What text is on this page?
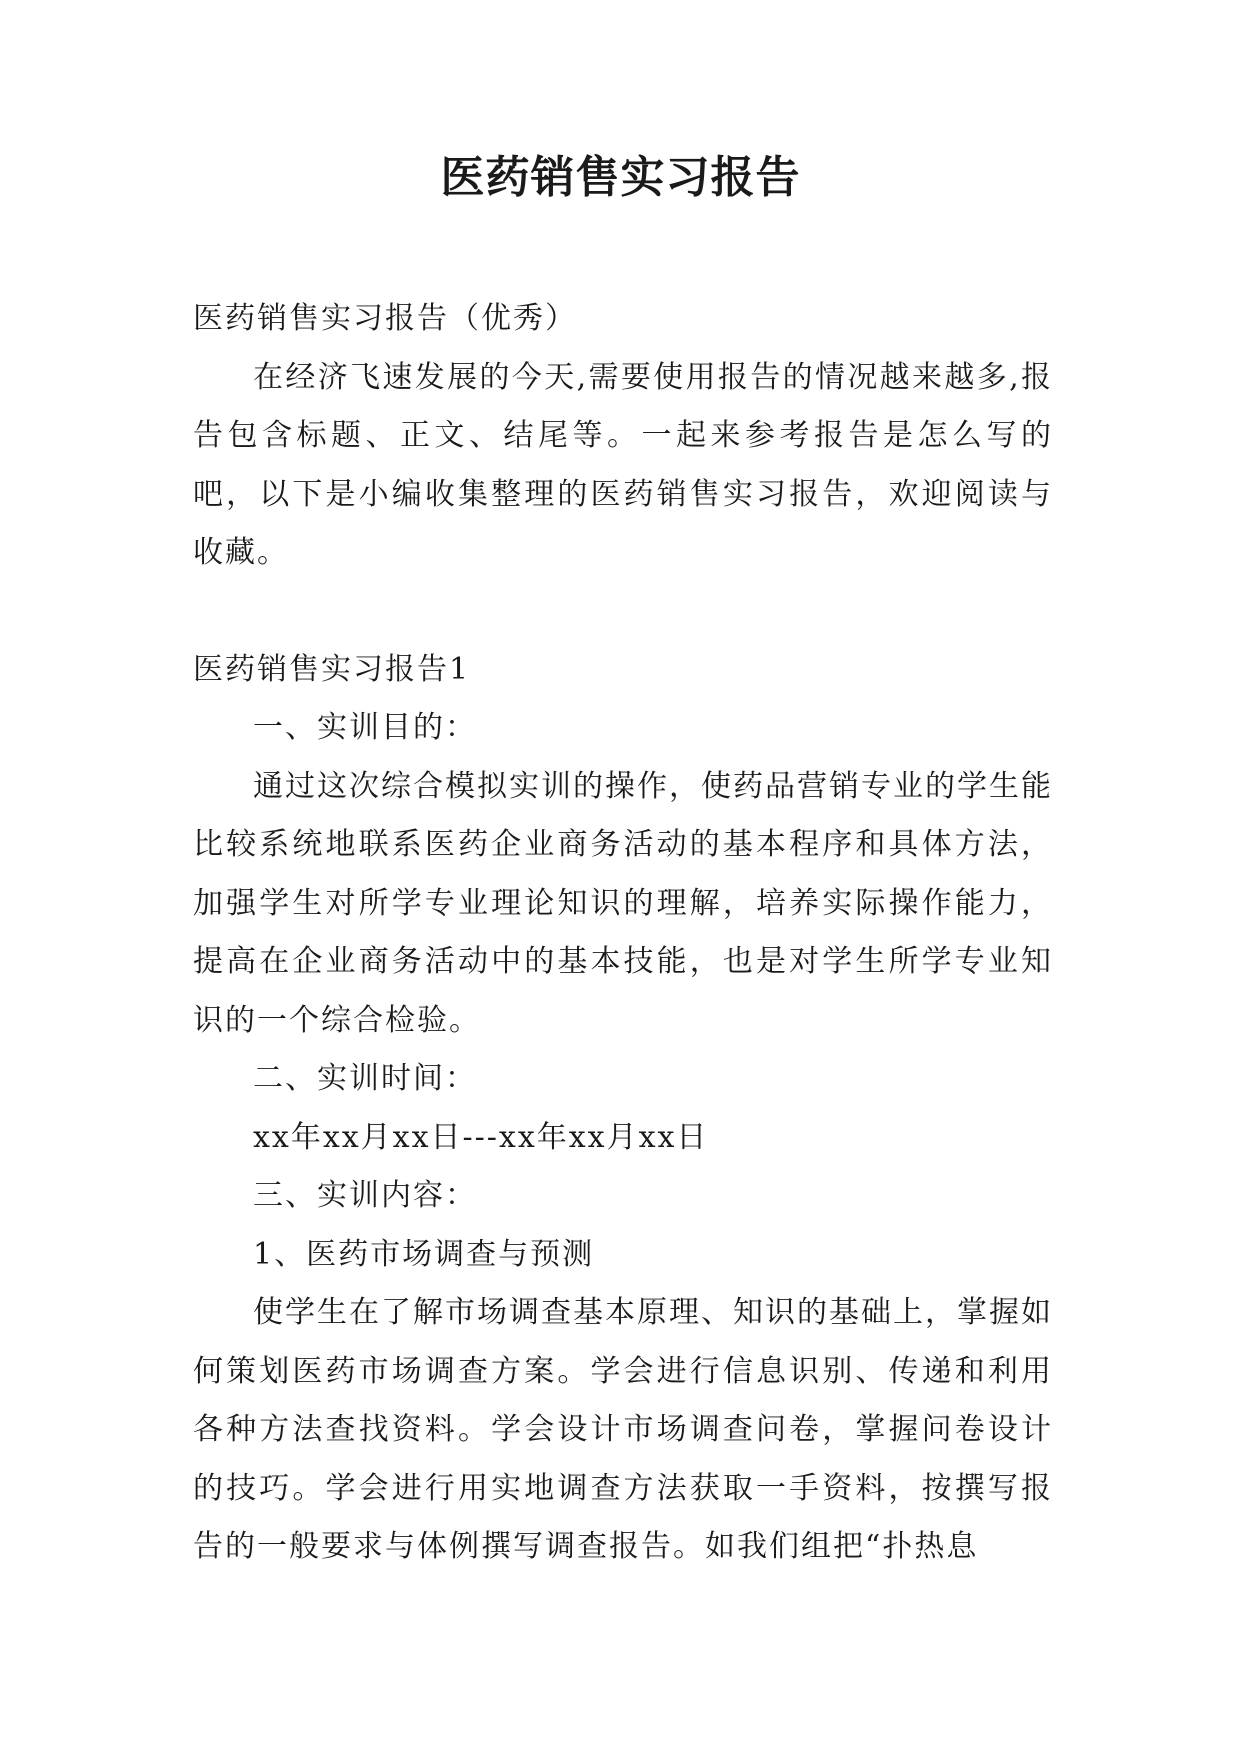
医药销售实习报告

医药销售实习报告（优秀）

在经济飞速发展的今天,需要使用报告的情况越来越多,报告包含标题、正文、结尾等。一起来参考报告是怎么写的吧，以下是小编收集整理的医药销售实习报告，欢迎阅读与收藏。

医药销售实习报告1

一、实训目的：

通过这次综合模拟实训的操作，使药品营销专业的学生能比较系统地联系医药企业商务活动的基本程序和具体方法，加强学生对所学专业理论知识的理解，培养实际操作能力，提高在企业商务活动中的基本技能，也是对学生所学专业知识的一个综合检验。

二、实训时间：

xx年xx月xx日---xx年xx月xx日

三、实训内容：

1、医药市场调查与预测

使学生在了解市场调查基本原理、知识的基础上，掌握如何策划医药市场调查方案。学会进行信息识别、传递和利用各种方法查找资料。学会设计市场调查问卷，掌握问卷设计的技巧。学会进行用实地调查方法获取一手资料，按撰写报告的一般要求与体例撰写调查报告。如我们组把“扑热息
